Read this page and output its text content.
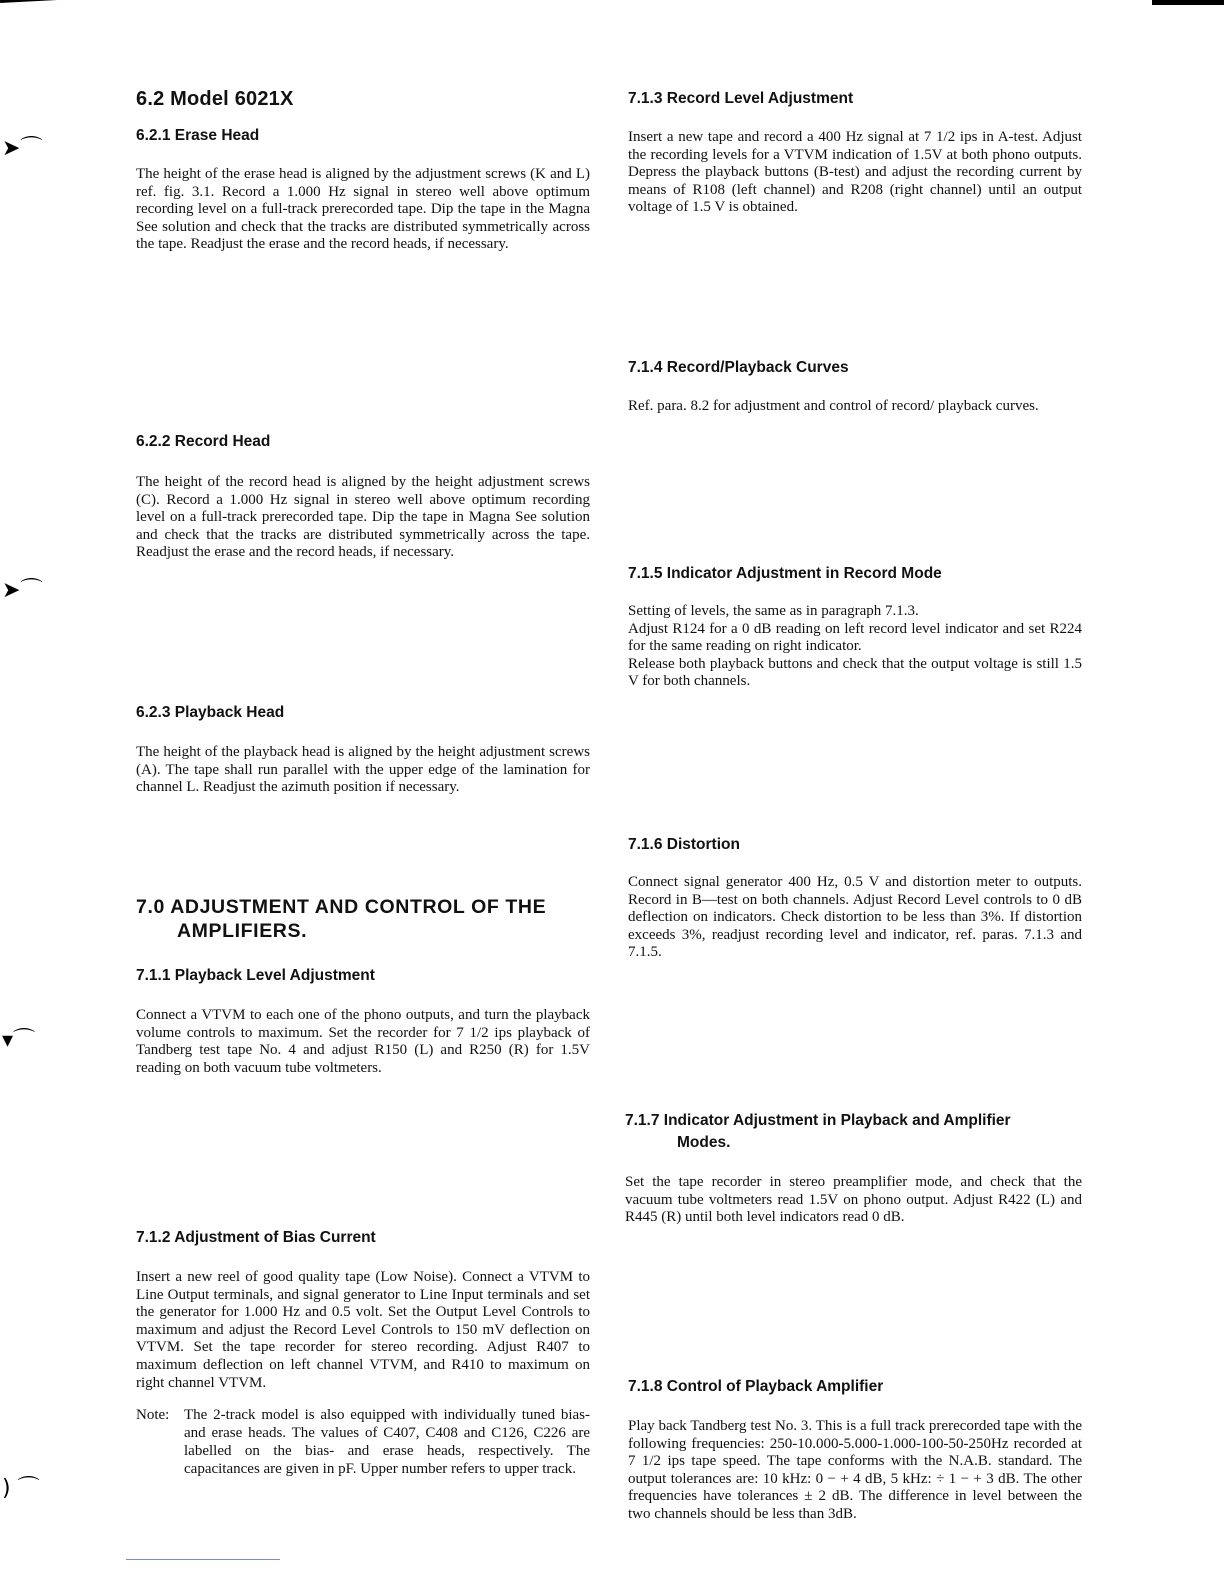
➤⌒
➤⌒
▾⌒
) ⌒
6.2 Model 6021X
6.2.1 Erase Head

The height of the erase head is aligned by the adjustment screws (K and L) ref. fig. 3.1. Record a 1.000 Hz signal in stereo well above optimum recording level on a full-track prerecorded tape. Dip the tape in the Magna See solution and check that the tracks are distributed symmetrically across the tape. Readjust the erase and the record heads, if necessary.

6.2.2 Record Head

The height of the record head is aligned by the height adjustment screws (C). Record a 1.000 Hz signal in stereo well above optimum recording level on a full-track prerecorded tape. Dip the tape in Magna See solution and check that the tracks are distributed symmetrically across the tape. Readjust the erase and the record heads, if necessary.

6.2.3 Playback Head

The height of the playback head is aligned by the height adjustment screws (A). The tape shall run parallel with the upper edge of the lamination for channel L. Readjust the azimuth position if necessary.

7.0 ADJUSTMENT AND CONTROL OF THE
AMPLIFIERS.
7.1.1 Playback Level Adjustment

Connect a VTVM to each one of the phono outputs, and turn the playback volume controls to maximum. Set the recorder for 7 1/2 ips playback of Tandberg test tape No. 4 and adjust R150 (L) and R250 (R) for 1.5V reading on both vacuum tube voltmeters.

7.1.2 Adjustment of Bias Current

Insert a new reel of good quality tape (Low Noise). Connect a VTVM to Line Output terminals, and signal generator to Line Input terminals and set the generator for 1.000 Hz and 0.5 volt. Set the Output Level Controls to maximum and adjust the Record Level Controls to 150 mV deflection on VTVM. Set the tape recorder for stereo recording. Adjust R407 to maximum deflection on left channel VTVM, and R410 to maximum on right channel VTVM.

Note: The 2-track model is also equipped with individually tuned bias- and erase heads. The values of C407, C408 and C126, C226 are labelled on the bias- and erase heads, respectively. The capacitances are given in pF. Upper number refers to upper track.
7.1.3 Record Level Adjustment

Insert a new tape and record a 400 Hz signal at 7 1/2 ips in A-test. Adjust the recording levels for a VTVM indication of 1.5V at both phono outputs. Depress the playback buttons (B-test) and adjust the recording current by means of R108 (left channel) and R208 (right channel) until an output voltage of 1.5 V is obtained.

7.1.4 Record/Playback Curves

Ref. para. 8.2 for adjustment and control of record/ playback curves.

7.1.5 Indicator Adjustment in Record Mode

Setting of levels, the same as in paragraph 7.1.3.

Adjust R124 for a 0 dB reading on left record level indicator and set R224 for the same reading on right indicator.

Release both playback buttons and check that the output voltage is still 1.5 V for both channels.

7.1.6 Distortion

Connect signal generator 400 Hz, 0.5 V and distortion meter to outputs. Record in B—test on both channels. Adjust Record Level controls to 0 dB deflection on indicators. Check distortion to be less than 3%. If distortion exceeds 3%, readjust recording level and indicator, ref. paras. 7.1.3 and 7.1.5.

7.1.7 Indicator Adjustment in Playback and Amplifier
Modes.

Set the tape recorder in stereo preamplifier mode, and check that the vacuum tube voltmeters read 1.5V on phono output. Adjust R422 (L) and R445 (R) until both level indicators read 0 dB.

7.1.8 Control of Playback Amplifier

Play back Tandberg test No. 3. This is a full track prerecorded tape with the following frequencies: 250-10.000-5.000-1.000-100-50-250Hz recorded at 7 1/2 ips tape speed. The tape conforms with the N.A.B. standard. The output tolerances are: 10 kHz: 0 − + 4 dB, 5 kHz: ÷ 1 − + 3 dB. The other frequencies have tolerances ± 2 dB. The difference in level between the two channels should be less than 3dB.
